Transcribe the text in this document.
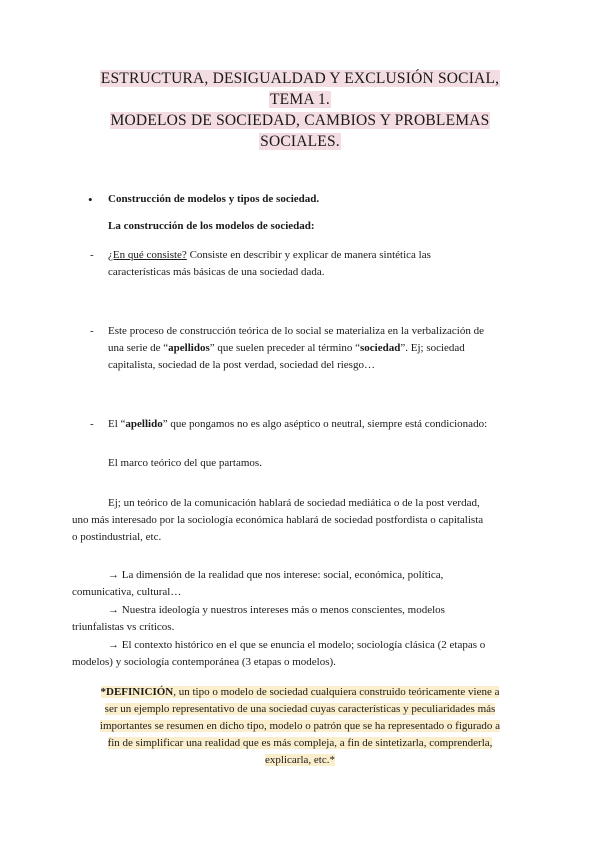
ESTRUCTURA, DESIGUALDAD Y EXCLUSIÓN SOCIAL,
TEMA 1.
MODELOS DE SOCIEDAD, CAMBIOS Y PROBLEMAS
SOCIALES.
• Construcción de modelos y tipos de sociedad.
La construcción de los modelos de sociedad:
- ¿En qué consiste? Consiste en describir y explicar de manera sintética las
características más básicas de una sociedad dada.
- Este proceso de construcción teórica de lo social se materializa en la verbalización de
una serie de “apellidos” que suelen preceder al término “sociedad”. Ej; sociedad
capitalista, sociedad de la post verdad, sociedad del riesgo…
- El “apellido” que pongamos no es algo aséptico o neutral, siempre está condicionado:
El marco teórico del que partamos.
Ej; un teórico de la comunicación hablará de sociedad mediática o de la post verdad,
uno más interesado por la sociología económica hablará de sociedad postfordista o capitalista
o postindustrial, etc.
→ La dimensión de la realidad que nos interese: social, económica, política,
comunicativa, cultural…
→ Nuestra ideología y nuestros intereses más o menos conscientes, modelos
triunfalistas vs críticos.
→ El contexto histórico en el que se enuncia el modelo; sociología clásica (2 etapas o
modelos) y sociología contemporánea (3 etapas o modelos).
*DEFINICIÓN, un tipo o modelo de sociedad cualquiera construido teóricamente viene a
ser un ejemplo representativo de una sociedad cuyas características y peculiaridades más
importantes se resumen en dicho tipo, modelo o patrón que se ha representado o figurado a
fin de simplificar una realidad que es más compleja, a fin de sintetizarla, comprenderla,
explicarla, etc.*
